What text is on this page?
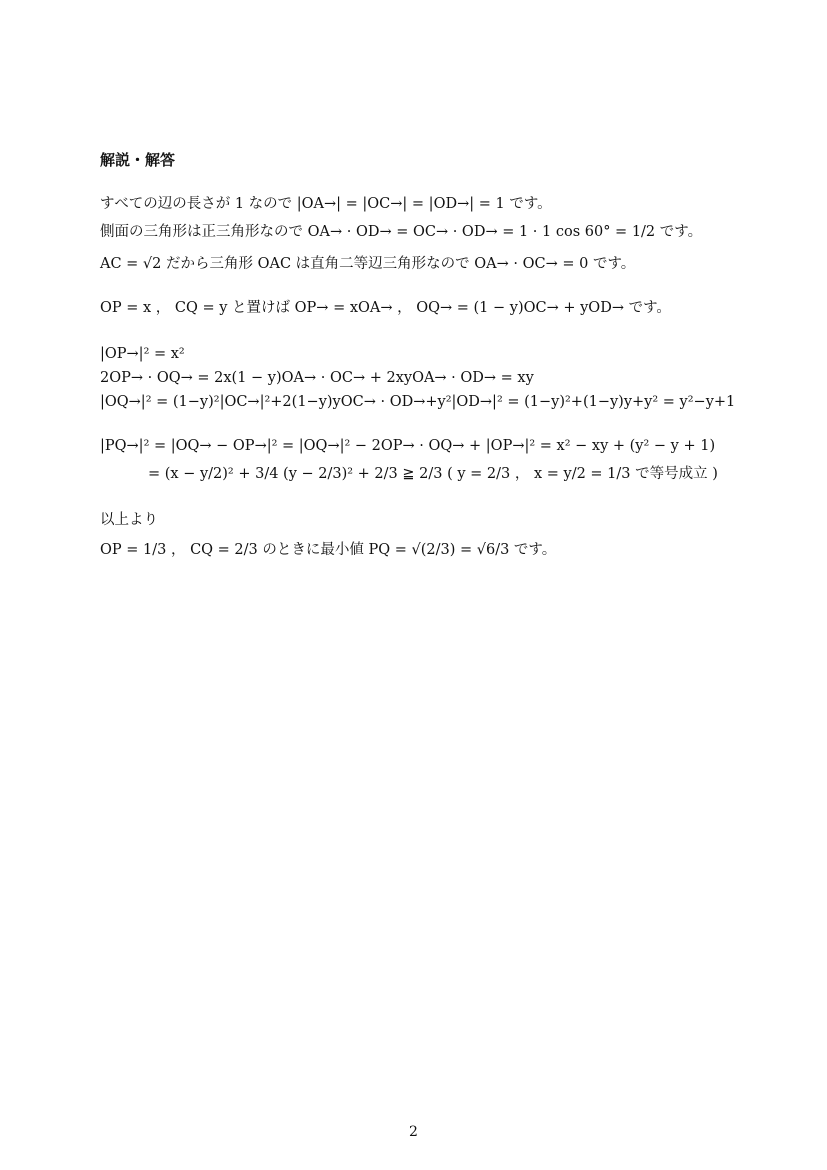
解説・解答
すべての辺の長さが 1 なので |OA→| = |OC→| = |OD→| = 1 です。
側面の三角形は正三角形なので OA→ · OD→ = OC→ · OD→ = 1 · 1 cos 60° = 1/2 です。
AC = √2 だから三角形 OAC は直角二等辺三角形なので OA→ · OC→ = 0 です。
OP = x ， CQ = y と置けば OP→ = xOA→ ， OQ→ = (1 − y)OC→ + yOD→ です。
|OP→|² = x²
2OP→ · OQ→ = 2x(1 − y)OA→ · OC→ + 2xyOA→ · OD→ = xy
|OQ→|² = (1−y)²|OC→|²+2(1−y)yOC→ · OD→+y²|OD→|² = (1−y)²+(1−y)y+y² = y²−y+1
|PQ→|² = |OQ→ − OP→|² = |OQ→|² − 2OP→ · OQ→ + |OP→|² = x² − xy + (y² − y + 1)
= (x − y/2)² + 3/4 (y − 2/3)² + 2/3 ≧ 2/3 ( y = 2/3 ， x = y/2 = 1/3 で等号成立 )
以上より
OP = 1/3 ， CQ = 2/3 のときに最小値 PQ = √(2/3) = √6/3 です。
2
